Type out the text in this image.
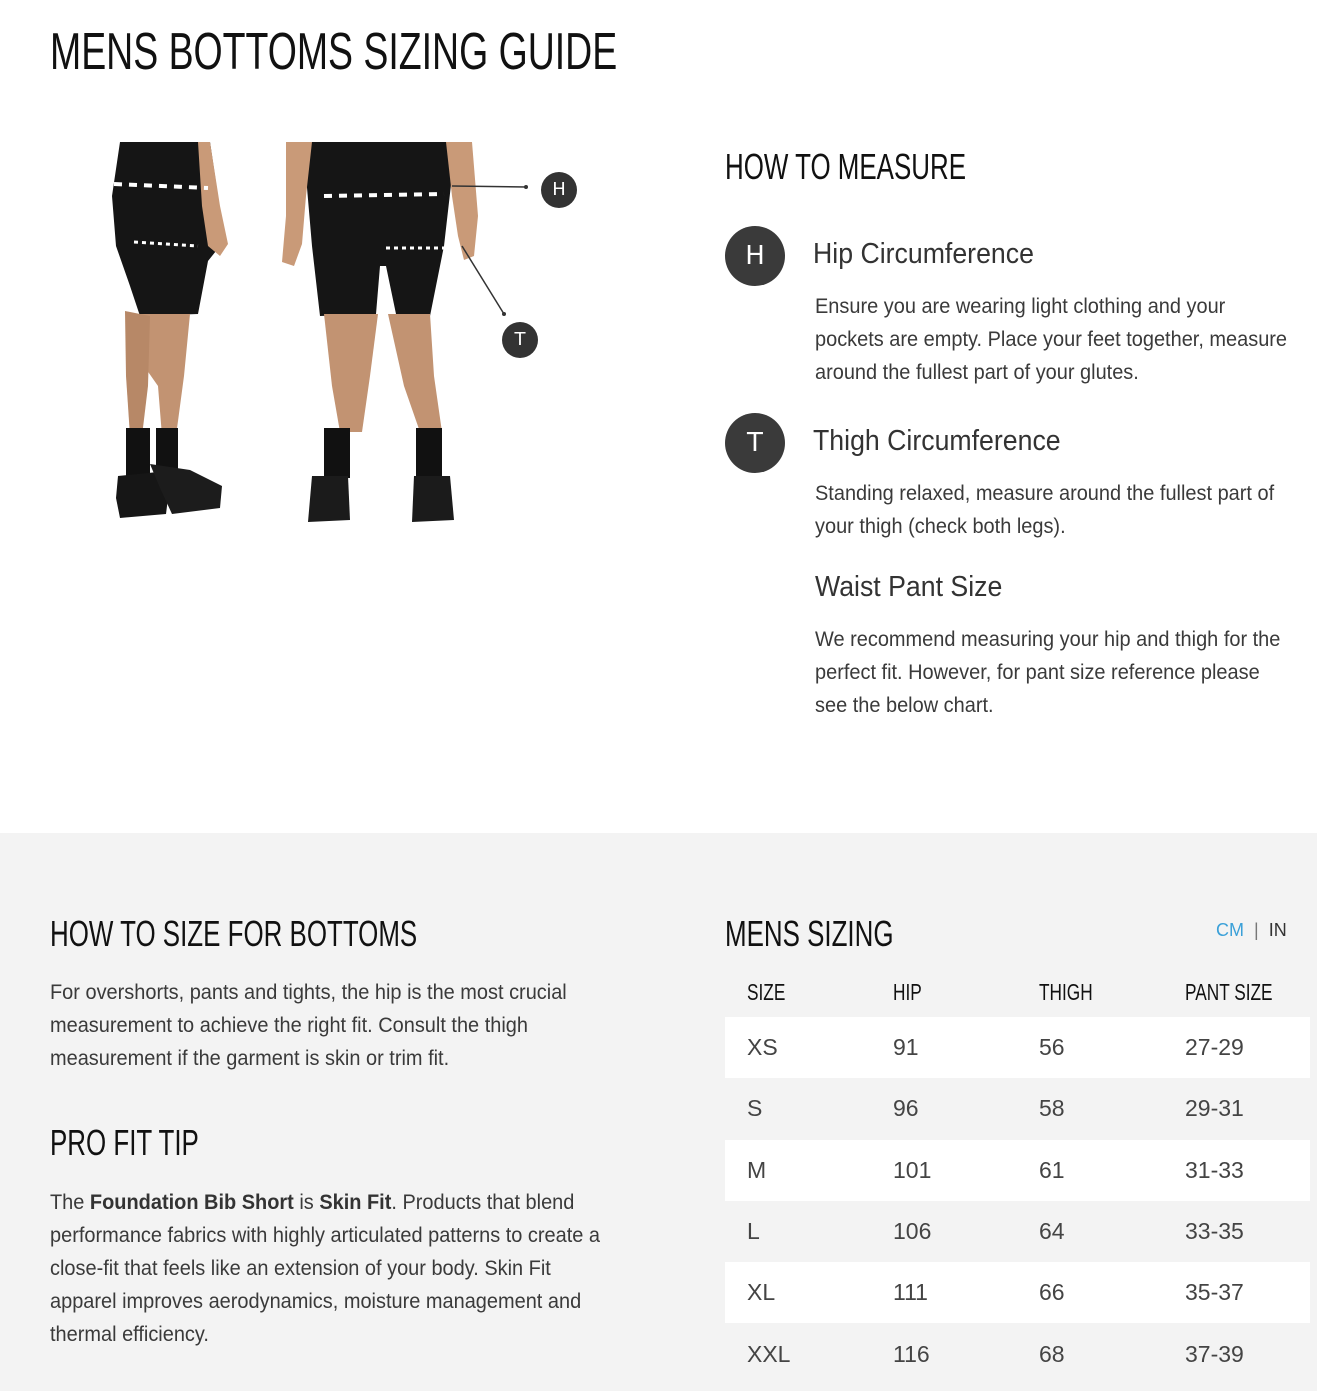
MENS BOTTOMS SIZING GUIDE
H
T
HOW TO MEASURE
H	Hip Circumference
Ensure you are wearing light clothing and your pockets are empty. Place your feet together, measure around the fullest part of your glutes.
T	Thigh Circumference
Standing relaxed, measure around the fullest part of your thigh (check both legs).
Waist Pant Size
We recommend measuring your hip and thigh for the perfect fit. However, for pant size reference please see the below chart.
HOW TO SIZE FOR BOTTOMS
For overshorts, pants and tights, the hip is the most crucial measurement to achieve the right fit. Consult the thigh measurement if the garment is skin or trim fit.
PRO FIT TIP
The Foundation Bib Short is Skin Fit. Products that blend performance fabrics with highly articulated patterns to create a close-fit that feels like an extension of your body. Skin Fit apparel improves aerodynamics, moisture management and thermal efficiency.
MENS SIZING	CM | IN
SIZE	HIP	THIGH	PANT SIZE
XS	91	56	27-29
S	96	58	29-31
M	101	61	31-33
L	106	64	33-35
XL	111	66	35-37
XXL	116	68	37-39
